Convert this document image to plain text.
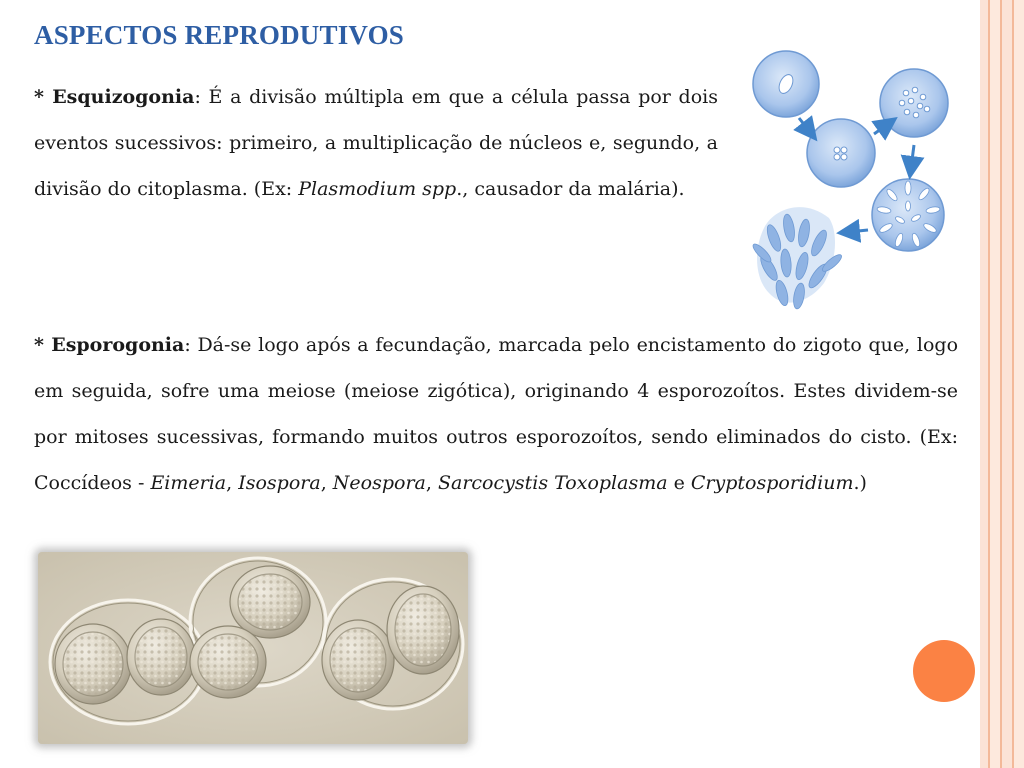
ASPECTOS REPRODUTIVOS

* Esquizogonia: É a divisão múltipla em que a célula passa por dois eventos sucessivos: primeiro, a multiplicação de núcleos e, segundo, a divisão do citoplasma. (Ex: Plasmodium spp., causador da malária).

* Esporogonia: Dá-se logo após a fecundação, marcada pelo encistamento do zigoto que, logo em seguida, sofre uma meiose (meiose zigótica), originando 4 esporozoítos. Estes dividem-se por mitoses sucessivas, formando muitos outros esporozoítos, sendo eliminados do cisto. (Ex: Coccídeos - Eimeria, Isospora, Neospora, Sarcocystis Toxoplasma e Cryptosporidium.)
